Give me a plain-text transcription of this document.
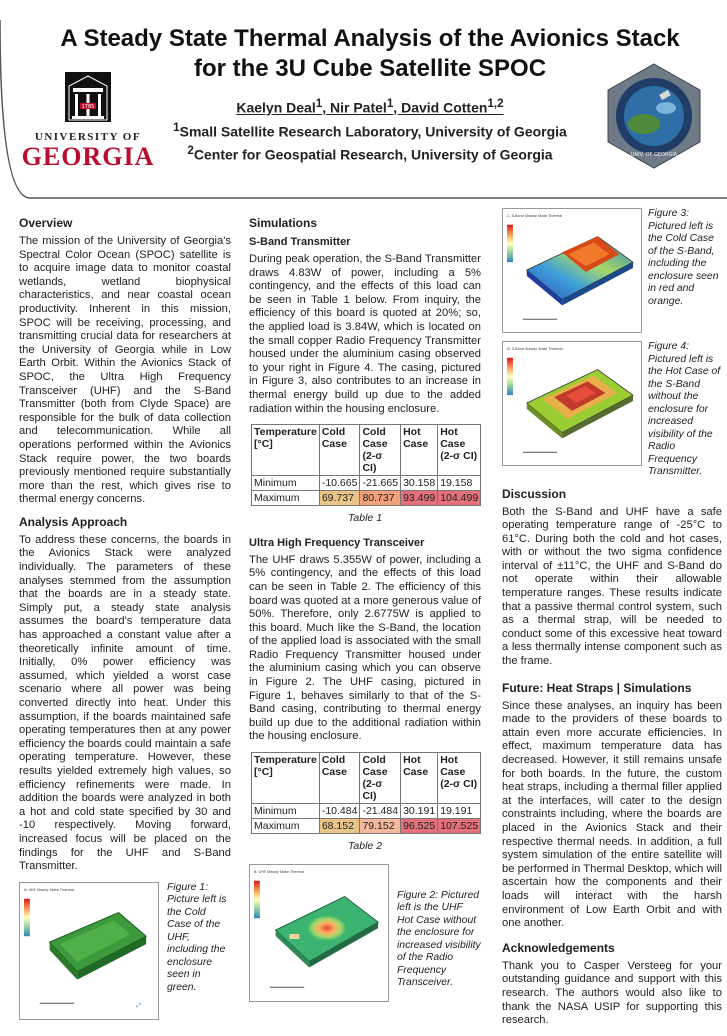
A Steady State Thermal Analysis of the Avionics Stack for the 3U Cube Satellite SPOC
Kaelyn Deal$^1$, Nir Patel$^1$, David Cotten$^{1,2}$
$^1$Small Satellite Research Laboratory, University of Georgia
$^2$Center for Geospatial Research, University of Georgia
1785
UNIVERSITY OF
GEORGIA	UNIV. OF GEORGIA
Overview

The mission of the University of Georgia's Spectral Color Ocean (SPOC) satellite is to acquire image data to monitor coastal wetlands, wetland biophysical characteristics, and near coastal ocean productivity. Inherent in this mission, SPOC will be receiving, processing, and transmitting crucial data for researchers at the University of Georgia while in Low Earth Orbit. Within the Avionics Stack of SPOC, the Ultra High Frequency Transceiver (UHF) and the S-Band Transmitter (both from Clyde Space) are responsible for the bulk of data collection and telecommunication. While all operations performed within the Avionics Stack require power, the two boards previously mentioned require substantially more than the rest, which gives rise to thermal energy concerns.

Analysis Approach

To address these concerns, the boards in the Avionics Stack were analyzed individually. The parameters of these analyses stemmed from the assumption that the boards are in a steady state. Simply put, a steady state analysis assumes the board's temperature data has approached a constant value after a theoretically infinite amount of time. Initially, 0% power efficiency was assumed, which yielded a worst case scenario where all power was being converted directly into heat. Under this assumption, if the boards maintained safe operating temperatures then at any power efficiency the boards could maintain a safe operating temperature. However, these results yielded extremely high values, so efficiency refinements were made. In addition the boards were analyzed in both a hot and cold state specified by 30 and -10 respectively. Moving forward, increased focus will be placed on the findings for the UHF and S-Band Transmitter.

A: UHF Steady State Thermal
⤢
Figure 1: Picture left is the Cold Case of the UHF, including the enclosure seen in green.
Simulations
S-Band Transmitter

During peak operation, the S-Band Transmitter draws 4.83W of power, including a 5% contingency, and the effects of this load can be seen in Table 1 below. From inquiry, the efficiency of this board is quoted at 20%; so, the applied load is 3.84W, which is located on the small copper Radio Frequency Transmitter housed under the aluminium casing observed to your right in Figure 4. The casing, pictured in Figure 3, also contributes to an increase in thermal energy build up due to the added radiation within the housing enclosure.

Temperature [°C]	Cold Case	Cold Case (2-σ CI)	Hot Case	Hot Case (2-σ CI)
Minimum	-10.665	-21.665	30.158	19.158
Maximum	69.737	80.737	93.499	104.499
Table 1
Ultra High Frequency Transceiver

The UHF draws 5.355W of power, including a 5% contingency, and the effects of this load can be seen in Table 2. The efficiency of this board was quoted at a more generous value of 50%. Therefore, only 2.6775W is applied to this board. Much like the S-Band, the location of the applied load is associated with the small Radio Frequency Transmitter housed under the aluminium casing which you can observe in Figure 2. The UHF casing, pictured in Figure 1, behaves similarly to that of the S-Band casing, contributing to thermal energy build up due to the additional radiation within the housing enclosure.

Temperature [°C]	Cold Case	Cold Case (2-σ CI)	Hot Case	Hot Case (2-σ CI)
Minimum	-10.484	-21.484	30.191	19.191
Maximum	68.152	79.152	96.525	107.525
Table 2
B: UHF Steady State Thermal
Figure 2: Pictured left is the UHF Hot Case without the enclosure for increased visibility of the Radio Frequency Transceiver.
C: S-Band Steady State Thermal	Figure 3: Pictured left is the Cold Case of the S-Band, including the enclosure seen in red and orange.
D: S-Band Steady State Thermal	Figure 4: Pictured left is the Hot Case of the S-Band without the enclosure for increased visibility of the Radio Frequency Transmitter.
Discussion

Both the S-Band and UHF have a safe operating temperature range of -25°C to 61°C. During both the cold and hot cases, with or without the two sigma confidence interval of ±11°C, the UHF and S-Band do not operate within their allowable temperature ranges. These results indicate that a passive thermal control system, such as a thermal strap, will be needed to conduct some of this excessive heat toward a less thermally intense component such as the frame.

Future: Heat Straps | Simulations

Since these analyses, an inquiry has been made to the providers of these boards to attain even more accurate efficiencies. In effect, maximum temperature data has decreased. However, it still remains unsafe for both boards. In the future, the custom heat straps, including a thermal filler applied at the interfaces, will cater to the design constraints including, where the boards are placed in the Avionics Stack and their respective thermal needs. In addition, a full system simulation of the entire satellite will be performed in Thermal Desktop, which will ascertain how the components and their loads will interact with the harsh environment of Low Earth Orbit and with one another.

Acknowledgements

Thank you to Casper Versteeg for your outstanding guidance and support with this research. The authors would also like to thank the NASA USIP for supporting this research.
